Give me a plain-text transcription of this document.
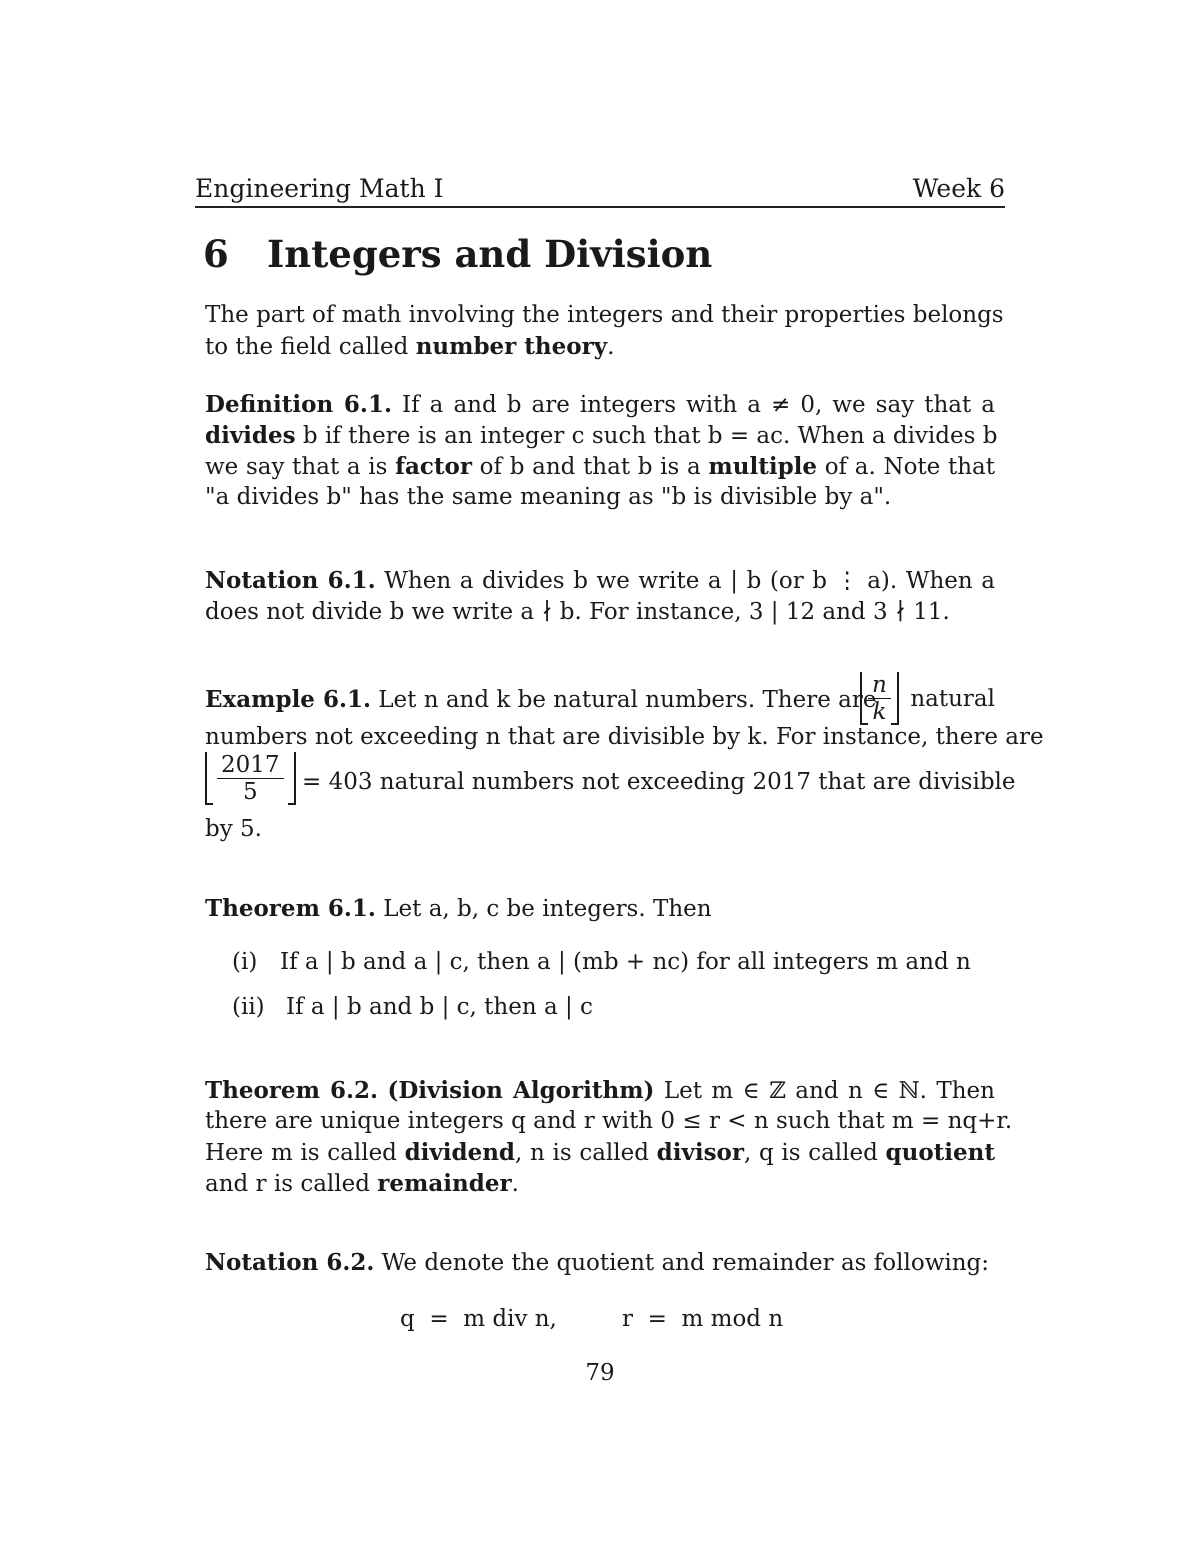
Engineering Math I	Week 6
6 Integers and Division
The part of math involving the integers and their properties belongs
to the field called number theory.
Definition 6.1. If a and b are integers with a ≠ 0, we say that a
divides b if there is an integer c such that b = ac. When a divides b
we say that a is factor of b and that b is a multiple of a. Note that
"a divides b" has the same meaning as "b is divisible by a".
Notation 6.1. When a divides b we write a | b (or b ⋮ a). When a
does not divide b we write a ∤ b. For instance, 3 | 12 and 3 ∤ 11.
Example 6.1. Let n and k be natural numbers. There are
$\frac{n}{k}$ natural
numbers not exceeding n that are divisible by k. For instance, there are
$\frac{2017}{5} = 403$ natural numbers not exceeding 2017 that are divisible
by 5.
Theorem 6.1. Let a, b, c be integers. Then
(i) If a | b and a | c, then a | (mb + nc) for all integers m and n
(ii) If a | b and b | c, then a | c
Theorem 6.2. (Division Algorithm) Let m ∈ ℤ and n ∈ ℕ. Then
there are unique integers q and r with 0 ≤ r < n such that m = nq+r.
Here m is called dividend, n is called divisor, q is called quotient
and r is called remainder.
Notation 6.2. We denote the quotient and remainder as following:
q  =  m div n,	r  =  m mod n
79
